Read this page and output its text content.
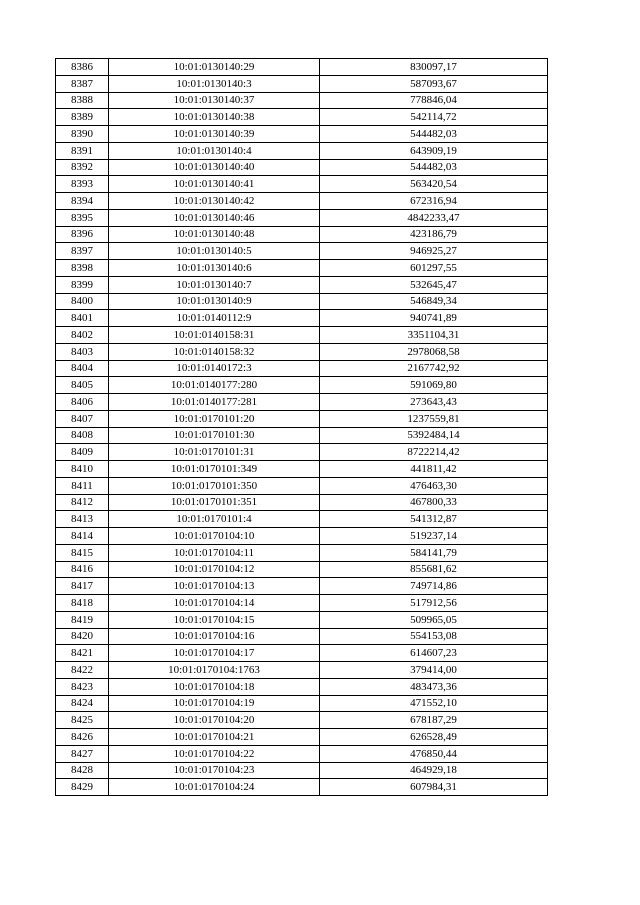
8386	10:01:0130140:29	830097,17
8387	10:01:0130140:3	587093,67
8388	10:01:0130140:37	778846,04
8389	10:01:0130140:38	542114,72
8390	10:01:0130140:39	544482,03
8391	10:01:0130140:4	643909,19
8392	10:01:0130140:40	544482,03
8393	10:01:0130140:41	563420,54
8394	10:01:0130140:42	672316,94
8395	10:01:0130140:46	4842233,47
8396	10:01:0130140:48	423186,79
8397	10:01:0130140:5	946925,27
8398	10:01:0130140:6	601297,55
8399	10:01:0130140:7	532645,47
8400	10:01:0130140:9	546849,34
8401	10:01:0140112:9	940741,89
8402	10:01:0140158:31	3351104,31
8403	10:01:0140158:32	2978068,58
8404	10:01:0140172:3	2167742,92
8405	10:01:0140177:280	591069,80
8406	10:01:0140177:281	273643,43
8407	10:01:0170101:20	1237559,81
8408	10:01:0170101:30	5392484,14
8409	10:01:0170101:31	8722214,42
8410	10:01:0170101:349	441811,42
8411	10:01:0170101:350	476463,30
8412	10:01:0170101:351	467800,33
8413	10:01:0170101:4	541312,87
8414	10:01:0170104:10	519237,14
8415	10:01:0170104:11	584141,79
8416	10:01:0170104:12	855681,62
8417	10:01:0170104:13	749714,86
8418	10:01:0170104:14	517912,56
8419	10:01:0170104:15	509965,05
8420	10:01:0170104:16	554153,08
8421	10:01:0170104:17	614607,23
8422	10:01:0170104:1763	379414,00
8423	10:01:0170104:18	483473,36
8424	10:01:0170104:19	471552,10
8425	10:01:0170104:20	678187,29
8426	10:01:0170104:21	626528,49
8427	10:01:0170104:22	476850,44
8428	10:01:0170104:23	464929,18
8429	10:01:0170104:24	607984,31
